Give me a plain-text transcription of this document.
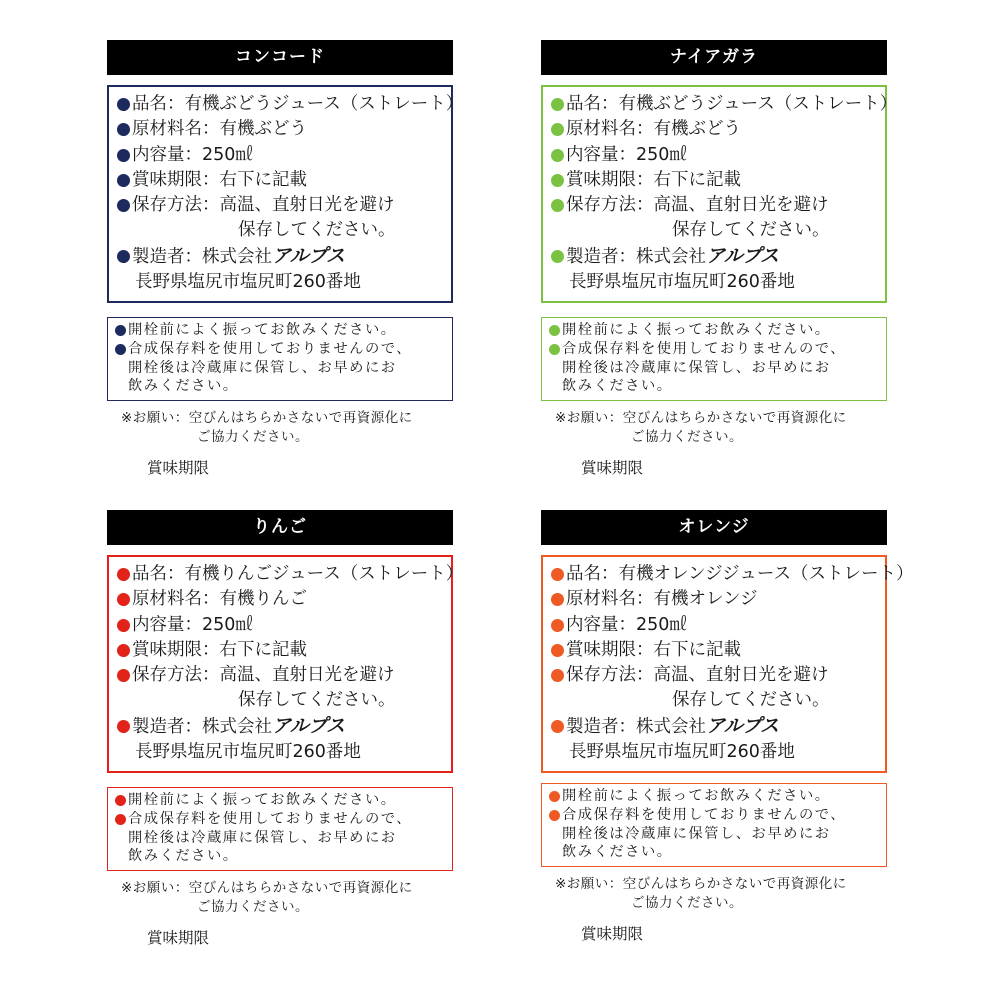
コンコード
品名：有機ぶどうジュース（ストレート）
原材料名：有機ぶどう
内容量：250㎖
賞味期限：右下に記載
保存方法：高温、直射日光を避け
保存してください。
製造者：株式会社アルプス
長野県塩尻市塩尻町260番地
開栓前によく振ってお飲みください。
合成保存料を使用しておりませんので、
開栓後は冷蔵庫に保管し、お早めにお
飲みください。
※お願い：空びんはちらかさないで再資源化に
ご協力ください。
賞味期限
ナイアガラ
品名：有機ぶどうジュース（ストレート）
原材料名：有機ぶどう
内容量：250㎖
賞味期限：右下に記載
保存方法：高温、直射日光を避け
保存してください。
製造者：株式会社アルプス
長野県塩尻市塩尻町260番地
開栓前によく振ってお飲みください。
合成保存料を使用しておりませんので、
開栓後は冷蔵庫に保管し、お早めにお
飲みください。
※お願い：空びんはちらかさないで再資源化に
ご協力ください。
賞味期限
りんご
品名：有機りんごジュース（ストレート）
原材料名：有機りんご
内容量：250㎖
賞味期限：右下に記載
保存方法：高温、直射日光を避け
保存してください。
製造者：株式会社アルプス
長野県塩尻市塩尻町260番地
開栓前によく振ってお飲みください。
合成保存料を使用しておりませんので、
開栓後は冷蔵庫に保管し、お早めにお
飲みください。
※お願い：空びんはちらかさないで再資源化に
ご協力ください。
賞味期限
オレンジ
品名：有機オレンジジュース（ストレート）
原材料名：有機オレンジ
内容量：250㎖
賞味期限：右下に記載
保存方法：高温、直射日光を避け
保存してください。
製造者：株式会社アルプス
長野県塩尻市塩尻町260番地
開栓前によく振ってお飲みください。
合成保存料を使用しておりませんので、
開栓後は冷蔵庫に保管し、お早めにお
飲みください。
※お願い：空びんはちらかさないで再資源化に
ご協力ください。
賞味期限
